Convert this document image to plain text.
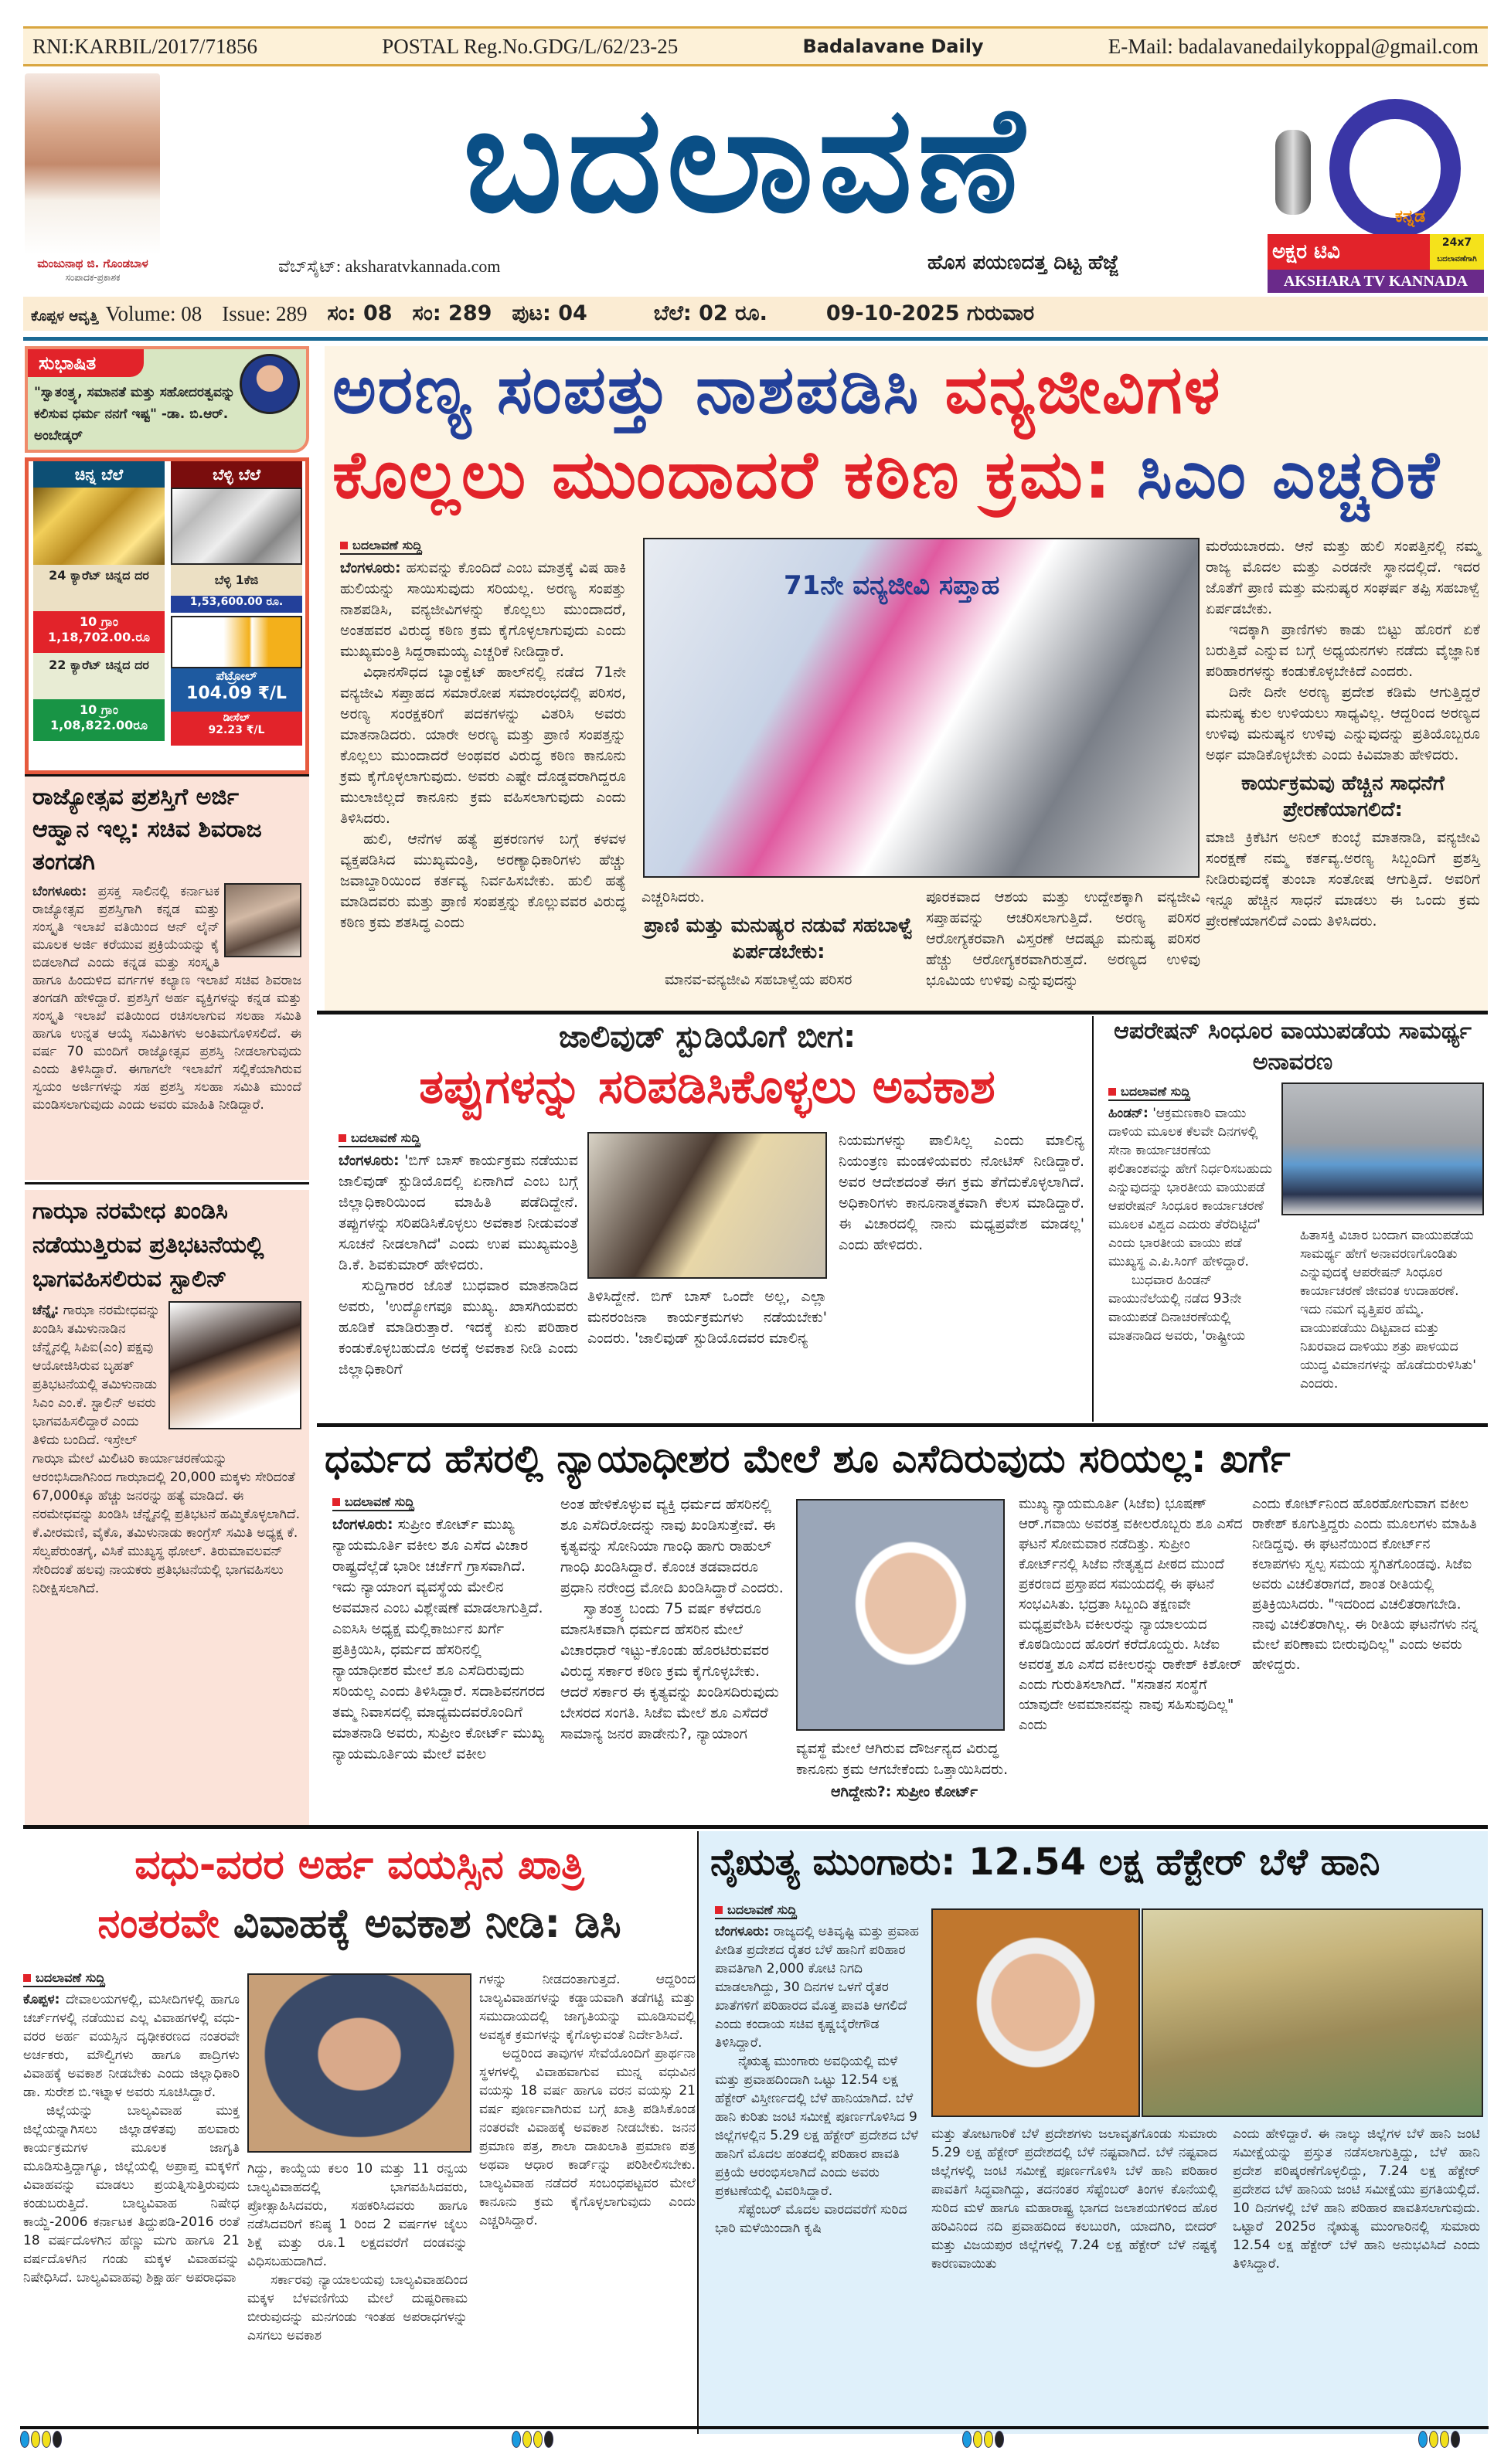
RNI:KARBIL/2017/71856	POSTAL Reg.No.GDG/L/62/23-25	Badalavane Daily	E-Mail: badalavanedailykoppal@gmail.com
ಮಂಜುನಾಥ ಜಿ. ಗೊಂಡಬಾಳ
ಸಂಪಾದಕ-ಪ್ರಕಾಶಕ
ಬದಲಾವಣೆ
ವೆಬ್‌ಸೈಟ್: aksharatvkannada.com	ಹೊಸ ಪಯಣದತ್ತ ದಿಟ್ಟ ಹೆಜ್ಜೆ
ಕನ್ನಡ
ಅಕ್ಷರ ಟಿವಿ	24x7
ಬದಲಾವಣೆಗಾಗಿ
AKSHARA TV KANNADA
ಕೊಪ್ಪಳ ಆವೃತ್ತಿ Volume: 08 Issue: 289 ಸಂ: 08 ಸಂ: 289 ಪುಟ: 04	ಬೆಲೆ: 02 ರೂ.	09-10-2025 ಗುರುವಾರ
ಸುಭಾಷಿತ
"ಸ್ವಾತಂತ್ರ್ಯ, ಸಮಾನತೆ ಮತ್ತು ಸಹೋದರತ್ವವನ್ನು ಕಲಿಸುವ ಧರ್ಮ ನನಗೆ ಇಷ್ಟ" -ಡಾ. ಬಿ.ಆರ್. ಅಂಬೇಡ್ಕರ್
ಚಿನ್ನ ಬೆಲೆ
24 ಕ್ಯಾರೆಟ್ ಚಿನ್ನದ ದರ
10 ಗ್ರಾಂ
1,18,702.00.ರೂ
22 ಕ್ಯಾರೆಟ್ ಚಿನ್ನದ ದರ
10 ಗ್ರಾಂ
1,08,822.00ರೂ
ಬೆಳ್ಳಿ ಬೆಲೆ
ಬೆಳ್ಳಿ 1ಕೆಜಿ
1,53,600.00 ರೂ.
ಪೆಟ್ರೋಲ್
104.09 ₹/L
ಡೀಸೆಲ್
92.23 ₹/L
ರಾಜ್ಯೋತ್ಸವ ಪ್ರಶಸ್ತಿಗೆ ಅರ್ಜಿ ಆಹ್ವಾನ ಇಲ್ಲ: ಸಚಿವ ಶಿವರಾಜ ತಂಗಡಗಿ
ಬೆಂಗಳೂರು: ಪ್ರಸಕ್ತ ಸಾಲಿನಲ್ಲಿ ಕರ್ನಾಟಕ ರಾಜ್ಯೋತ್ಸವ ಪ್ರಶಸ್ತಿಗಾಗಿ ಕನ್ನಡ ಮತ್ತು ಸಂಸ್ಕೃತಿ ಇಲಾಖೆ ವತಿಯಿಂದ ಆನ್ ಲೈನ್ ಮೂಲಕ ಅರ್ಜಿ ಕರೆಯುವ ಪ್ರಕ್ರಿಯೆಯನ್ನು ಕೈ ಬಿಡಲಾಗಿದೆ ಎಂದು ಕನ್ನಡ ಮತ್ತು ಸಂಸ್ಕೃತಿ ಹಾಗೂ ಹಿಂದುಳಿದ ವರ್ಗಗಳ ಕಲ್ಯಾಣ ಇಲಾಖೆ ಸಚಿವ ಶಿವರಾಜ ತಂಗಡಗಿ ಹೇಳಿದ್ದಾರೆ. ಪ್ರಶಸ್ತಿಗೆ ಅರ್ಹ ವ್ಯಕ್ತಿಗಳನ್ನು ಕನ್ನಡ ಮತ್ತು ಸಂಸ್ಕೃತಿ ಇಲಾಖೆ ವತಿಯಿಂದ ರಚಿಸಲಾಗುವ ಸಲಹಾ ಸಮಿತಿ ಹಾಗೂ ಉನ್ನತ ಆಯ್ಕೆ ಸಮಿತಿಗಳು ಅಂತಿಮಗೊಳಿಸಲಿದೆ. ಈ ವರ್ಷ 70 ಮಂದಿಗೆ ರಾಜ್ಯೋತ್ಸವ ಪ್ರಶಸ್ತಿ ನೀಡಲಾಗುವುದು ಎಂದು ತಿಳಿಸಿದ್ದಾರೆ. ಈಗಾಗಲೇ ಇಲಾಖೆಗೆ ಸಲ್ಲಿಕೆಯಾಗಿರುವ ಸ್ವಯಂ ಅರ್ಜಿಗಳನ್ನು ಸಹ ಪ್ರಶಸ್ತಿ ಸಲಹಾ ಸಮಿತಿ ಮುಂದೆ ಮಂಡಿಸಲಾಗುವುದು ಎಂದು ಅವರು ಮಾಹಿತಿ ನೀಡಿದ್ದಾರೆ.
ಗಾಝಾ ನರಮೇಧ ಖಂಡಿಸಿ ನಡೆಯುತ್ತಿರುವ ಪ್ರತಿಭಟನೆಯಲ್ಲಿ ಭಾಗವಹಿಸಲಿರುವ ಸ್ಟಾಲಿನ್
ಚೆನ್ನೈ: ಗಾಝಾ ನರಮೇಧವನ್ನು ಖಂಡಿಸಿ ತಮಿಳುನಾಡಿನ ಚೆನ್ನೈನಲ್ಲಿ ಸಿಪಿಐ(ಎಂ) ಪಕ್ಷವು ಆಯೋಜಿಸಿರುವ ಬೃಹತ್ ಪ್ರತಿಭಟನೆಯಲ್ಲಿ ತಮಿಳುನಾಡು ಸಿಎಂ ಎಂ.ಕೆ. ಸ್ಟಾಲಿನ್ ಅವರು ಭಾಗವಹಿಸಲಿದ್ದಾರೆ ಎಂದು ತಿಳಿದು ಬಂದಿದೆ. ಇಸ್ರೇಲ್ ಗಾಝಾ ಮೇಲೆ ಮಿಲಿಟರಿ ಕಾರ್ಯಾಚರಣೆಯನ್ನು ಆರಂಭಿಸಿದಾಗಿನಿಂದ ಗಾಝಾದಲ್ಲಿ 20,000 ಮಕ್ಕಳು ಸೇರಿದಂತೆ 67,000ಕ್ಕೂ ಹೆಚ್ಚು ಜನರನ್ನು ಹತ್ಯೆ ಮಾಡಿದೆ. ಈ ನರಮೇಧವನ್ನು ಖಂಡಿಸಿ ಚೆನ್ನೈನಲ್ಲಿ ಪ್ರತಿಭಟನೆ ಹಮ್ಮಿಕೊಳ್ಳಲಾಗಿದೆ. ಕೆ.ವೀರಮಣಿ, ವೈಕೊ, ತಮಿಳುನಾಡು ಕಾಂಗ್ರೆಸ್ ಸಮಿತಿ ಅಧ್ಯಕ್ಷ ಕೆ. ಸೆಲ್ವಪೆರುಂತಗೈ, ವಿಸಿಕೆ ಮುಖ್ಯಸ್ಥ ಥೋಲ್. ತಿರುಮಾವಲವನ್ ಸೇರಿದಂತೆ ಹಲವು ನಾಯಕರು ಪ್ರತಿಭಟನೆಯಲ್ಲಿ ಭಾಗವಹಿಸಲು ನಿರೀಕ್ಷಿಸಲಾಗಿದೆ.
ಅರಣ್ಯ ಸಂಪತ್ತು ನಾಶಪಡಿಸಿ ವನ್ಯಜೀವಿಗಳ
ಕೊಲ್ಲಲು ಮುಂದಾದರೆ ಕಠಿಣ ಕ್ರಮ: ಸಿಎಂ ಎಚ್ಚರಿಕೆ
ಬದಲಾವಣೆ ಸುದ್ದಿ

ಬೆಂಗಳೂರು: ಹಸುವನ್ನು ಕೊಂದಿದೆ ಎಂಬ ಮಾತ್ರಕ್ಕೆ ವಿಷ ಹಾಕಿ ಹುಲಿಯನ್ನು ಸಾಯಿಸುವುದು ಸರಿಯಲ್ಲ. ಅರಣ್ಯ ಸಂಪತ್ತು ನಾಶಪಡಿಸಿ, ವನ್ಯಜೀವಿಗಳನ್ನು ಕೊಲ್ಲಲು ಮುಂದಾದರೆ, ಅಂತಹವರ ವಿರುದ್ಧ ಕಠಿಣ ಕ್ರಮ ಕೈಗೊಳ್ಳಲಾಗುವುದು ಎಂದು ಮುಖ್ಯಮಂತ್ರಿ ಸಿದ್ದರಾಮಯ್ಯ ಎಚ್ಚರಿಕೆ ನೀಡಿದ್ದಾರೆ.

ವಿಧಾನಸೌಧದ ಬ್ಯಾಂಕ್ವೆಟ್ ಹಾಲ್‌ನಲ್ಲಿ ನಡೆದ 71ನೇ ವನ್ಯಜೀವಿ ಸಪ್ತಾಹದ ಸಮಾರೋಪ ಸಮಾರಂಭದಲ್ಲಿ ಪರಿಸರ, ಅರಣ್ಯ ಸಂರಕ್ಷಕರಿಗೆ ಪದಕಗಳನ್ನು ವಿತರಿಸಿ ಅವರು ಮಾತನಾಡಿದರು. ಯಾರೇ ಅರಣ್ಯ ಮತ್ತು ಪ್ರಾಣಿ ಸಂಪತ್ತನ್ನು ಕೊಲ್ಲಲು ಮುಂದಾದರೆ ಅಂಥವರ ವಿರುದ್ಧ ಕಠಿಣ ಕಾನೂನು ಕ್ರಮ ಕೈಗೊಳ್ಳಲಾಗುವುದು. ಅವರು ಎಷ್ಟೇ ದೊಡ್ಡವರಾಗಿದ್ದರೂ ಮುಲಾಜಿಲ್ಲದೆ ಕಾನೂನು ಕ್ರಮ ವಹಿಸಲಾಗುವುದು ಎಂದು ತಿಳಿಸಿದರು.

ಹುಲಿ, ಆನೆಗಳ ಹತ್ಯೆ ಪ್ರಕರಣಗಳ ಬಗ್ಗೆ ಕಳವಳ ವ್ಯಕ್ತಪಡಿಸಿದ ಮುಖ್ಯಮಂತ್ರಿ, ಅರಣ್ಯಾಧಿಕಾರಿಗಳು ಹೆಚ್ಚು ಜವಾಬ್ದಾರಿಯಿಂದ ಕರ್ತವ್ಯ ನಿರ್ವಹಿಸಬೇಕು. ಹುಲಿ ಹತ್ಯೆ ಮಾಡಿದವರು ಮತ್ತು ಪ್ರಾಣಿ ಸಂಪತ್ತನ್ನು ಕೊಲ್ಲುವವರ ವಿರುದ್ಧ ಕಠಿಣ ಕ್ರಮ ಶತಸಿದ್ಧ ಎಂದು

71ನೇ ವನ್ಯಜೀವಿ ಸಪ್ತಾಹ
ಎಚ್ಚರಿಸಿದರು.
ಪ್ರಾಣಿ ಮತ್ತು ಮನುಷ್ಯರ ನಡುವೆ ಸಹಬಾಳ್ವೆ ಏರ್ಪಡಬೇಕು:
ಮಾನವ-ವನ್ಯಜೀವಿ ಸಹಬಾಳ್ವೆಯ ಪರಿಸರ
ಪೂರಕವಾದ ಆಶಯ ಮತ್ತು ಉದ್ದೇಶಕ್ಕಾಗಿ ವನ್ಯಜೀವಿ ಸಪ್ತಾಹವನ್ನು ಆಚರಿಸಲಾಗುತ್ತಿದೆ. ಅರಣ್ಯ ಪರಿಸರ ಆರೋಗ್ಯಕರವಾಗಿ ವಿಸ್ತರಣೆ ಆದಷ್ಟೂ ಮನುಷ್ಯ ಪರಿಸರ ಹೆಚ್ಚು ಆರೋಗ್ಯಕರವಾಗಿರುತ್ತದೆ. ಅರಣ್ಯದ ಉಳಿವು ಭೂಮಿಯ ಉಳಿವು ಎನ್ನುವುದನ್ನು

ಮರೆಯಬಾರದು. ಆನೆ ಮತ್ತು ಹುಲಿ ಸಂಪತ್ತಿನಲ್ಲಿ ನಮ್ಮ ರಾಜ್ಯ ಮೊದಲ ಮತ್ತು ಎರಡನೇ ಸ್ಥಾನದಲ್ಲಿದೆ. ಇದರ ಜೊತೆಗೆ ಪ್ರಾಣಿ ಮತ್ತು ಮನುಷ್ಯರ ಸಂಘರ್ಷ ತಪ್ಪಿ ಸಹಬಾಳ್ವೆ ಏರ್ಪಡಬೇಕು.

ಇದಕ್ಕಾಗಿ ಪ್ರಾಣಿಗಳು ಕಾಡು ಬಿಟ್ಟು ಹೊರಗೆ ಏಕೆ ಬರುತ್ತಿವೆ ಎನ್ನುವ ಬಗ್ಗೆ ಅಧ್ಯಯನಗಳು ನಡೆದು ವೈಜ್ಞಾನಿಕ ಪರಿಹಾರಗಳನ್ನು ಕಂಡುಕೊಳ್ಳಬೇಕಿದೆ ಎಂದರು.

ದಿನೇ ದಿನೇ ಅರಣ್ಯ ಪ್ರದೇಶ ಕಡಿಮೆ ಆಗುತ್ತಿದ್ದರೆ ಮನುಷ್ಯ ಕುಲ ಉಳಿಯಲು ಸಾಧ್ಯವಿಲ್ಲ. ಆದ್ದರಿಂದ ಅರಣ್ಯದ ಉಳಿವು ಮನುಷ್ಯನ ಉಳಿವು ಎನ್ನುವುದನ್ನು ಪ್ರತಿಯೊಬ್ಬರೂ ಅರ್ಥ ಮಾಡಿಕೊಳ್ಳಬೇಕು ಎಂದು ಕಿವಿಮಾತು ಹೇಳಿದರು.

ಕಾರ್ಯಕ್ರಮವು ಹೆಚ್ಚಿನ ಸಾಧನೆಗೆ ಪ್ರೇರಣೆಯಾಗಲಿದೆ:
ಮಾಜಿ ಕ್ರಿಕೆಟಿಗ ಅನಿಲ್ ಕುಂಬ್ಳೆ ಮಾತನಾಡಿ, ವನ್ಯಜೀವಿ ಸಂರಕ್ಷಣೆ ನಮ್ಮ ಕರ್ತವ್ಯ.ಅರಣ್ಯ ಸಿಬ್ಬಂದಿಗೆ ಪ್ರಶಸ್ತಿ ನೀಡಿರುವುದಕ್ಕೆ ತುಂಬಾ ಸಂತೋಷ ಆಗುತ್ತಿದೆ. ಅವರಿಗೆ ಇನ್ನೂ ಹೆಚ್ಚಿನ ಸಾಧನೆ ಮಾಡಲು ಈ ಒಂದು ಕ್ರಮ ಪ್ರೇರಣೆಯಾಗಲಿದೆ ಎಂದು ತಿಳಿಸಿದರು.
ಜಾಲಿವುಡ್ ಸ್ಟುಡಿಯೊಗೆ ಬೀಗ:
ತಪ್ಪುಗಳನ್ನು ಸರಿಪಡಿಸಿಕೊಳ್ಳಲು ಅವಕಾಶ
ಬದಲಾವಣೆ ಸುದ್ದಿ

ಬೆಂಗಳೂರು: 'ಬಿಗ್ ಬಾಸ್ ಕಾರ್ಯಕ್ರಮ ನಡೆಯುವ ಜಾಲಿವುಡ್ ಸ್ಟುಡಿಯೊದಲ್ಲಿ ಏನಾಗಿದೆ ಎಂಬ ಬಗ್ಗೆ ಜಿಲ್ಲಾಧಿಕಾರಿಯಿಂದ ಮಾಹಿತಿ ಪಡೆದಿದ್ದೇನೆ. ತಪ್ಪುಗಳನ್ನು ಸರಿಪಡಿಸಿಕೊಳ್ಳಲು ಅವಕಾಶ ನೀಡುವಂತೆ ಸೂಚನೆ ನೀಡಲಾಗಿದೆ' ಎಂದು ಉಪ ಮುಖ್ಯಮಂತ್ರಿ ಡಿ.ಕೆ. ಶಿವಕುಮಾರ್ ಹೇಳಿದರು.

ಸುದ್ದಿಗಾರರ ಜೊತೆ ಬುಧವಾರ ಮಾತನಾಡಿದ ಅವರು, 'ಉದ್ಯೋಗವೂ ಮುಖ್ಯ. ಖಾಸಗಿಯವರು ಹೂಡಿಕೆ ಮಾಡಿರುತ್ತಾರೆ. ಇದಕ್ಕೆ ಏನು ಪರಿಹಾರ ಕಂಡುಕೊಳ್ಳಬಹುದೊ ಅದಕ್ಕೆ ಅವಕಾಶ ನೀಡಿ ಎಂದು ಜಿಲ್ಲಾಧಿಕಾರಿಗೆ

ತಿಳಿಸಿದ್ದೇನೆ. ಬಿಗ್ ಬಾಸ್ ಒಂದೇ ಅಲ್ಲ, ಎಲ್ಲಾ ಮನರಂಜನಾ ಕಾರ್ಯಕ್ರಮಗಳು ನಡೆಯಬೇಕು' ಎಂದರು. 'ಜಾಲಿವುಡ್ ಸ್ಟುಡಿಯೊದವರ ಮಾಲಿನ್ಯ
ನಿಯಮಗಳನ್ನು ಪಾಲಿಸಿಲ್ಲ ಎಂದು ಮಾಲಿನ್ಯ ನಿಯಂತ್ರಣ ಮಂಡಳಿಯವರು ನೋಟಿಸ್ ನೀಡಿದ್ದಾರೆ. ಅವರ ಆದೇಶದಂತೆ ಈಗ ಕ್ರಮ ತೆಗೆದುಕೊಳ್ಳಲಾಗಿದೆ. ಅಧಿಕಾರಿಗಳು ಕಾನೂನಾತ್ಮಕವಾಗಿ ಕೆಲಸ ಮಾಡಿದ್ದಾರೆ. ಈ ವಿಚಾರದಲ್ಲಿ ನಾನು ಮಧ್ಯಪ್ರವೇಶ ಮಾಡಲ್ಲ' ಎಂದು ಹೇಳಿದರು.
ಆಪರೇಷನ್ ಸಿಂಧೂರ ವಾಯುಪಡೆಯ ಸಾಮರ್ಥ್ಯ ಅನಾವರಣ
ಬದಲಾವಣೆ ಸುದ್ದಿ

ಹಿಂಡನ್: 'ಆಕ್ರಮಣಕಾರಿ ವಾಯು ದಾಳಿಯ ಮೂಲಕ ಕೆಲವೇ ದಿನಗಳಲ್ಲಿ ಸೇನಾ ಕಾರ್ಯಾಚರಣೆಯ ಫಲಿತಾಂಶವನ್ನು ಹೇಗೆ ನಿರ್ಧರಿಸಬಹುದು ಎನ್ನುವುದನ್ನು ಭಾರತೀಯ ವಾಯುಪಡೆ ಆಪರೇಷನ್ ಸಿಂಧೂರ ಕಾರ್ಯಾಚರಣೆ ಮೂಲಕ ವಿಶ್ವದ ಎದುರು ತೆರೆದಿಟ್ಟಿದೆ' ಎಂದು ಭಾರತೀಯ ವಾಯು ಪಡೆ ಮುಖ್ಯಸ್ಥ ಎ.ಪಿ.ಸಿಂಗ್ ಹೇಳಿದ್ದಾರೆ.

ಬುಧವಾರ ಹಿಂಡನ್ ವಾಯುನೆಲೆಯಲ್ಲಿ ನಡೆದ 93ನೇ ವಾಯುಪಡೆ ದಿನಾಚರಣೆಯಲ್ಲಿ ಮಾತನಾಡಿದ ಅವರು, 'ರಾಷ್ಟ್ರೀಯ

ಹಿತಾಸಕ್ತಿ ವಿಚಾರ ಬಂದಾಗ ವಾಯುಪಡೆಯ ಸಾಮರ್ಥ್ಯ ಹೇಗೆ ಅನಾವರಣಗೊಂಡಿತು ಎನ್ನುವುದಕ್ಕೆ ಆಪರೇಷನ್ ಸಿಂಧೂರ ಕಾರ್ಯಾಚರಣೆ ಜೀವಂತ ಉದಾಹರಣೆ. ಇದು ನಮಗೆ ವೃತ್ತಿಪರ ಹೆಮ್ಮೆ. ವಾಯುಪಡೆಯು ದಿಟ್ಟವಾದ ಮತ್ತು ನಿಖರವಾದ ದಾಳಿಯು ಶತ್ರು ಪಾಳಯದ ಯುದ್ಧ ವಿಮಾನಗಳನ್ನು ಹೊಡೆದುರುಳಿಸಿತು' ಎಂದರು.
ಧರ್ಮದ ಹೆಸರಲ್ಲಿ ನ್ಯಾಯಾಧೀಶರ ಮೇಲೆ ಶೂ ಎಸೆದಿರುವುದು ಸರಿಯಲ್ಲ: ಖರ್ಗೆ
ಬದಲಾವಣೆ ಸುದ್ದಿ
ಬೆಂಗಳೂರು: ಸುಪ್ರೀಂ ಕೋರ್ಟ್ ಮುಖ್ಯ ನ್ಯಾಯಮೂರ್ತಿ ವಕೀಲ ಶೂ ಎಸೆದ ವಿಚಾರ ರಾಷ್ಟ್ರದೆಲ್ಲೆಡೆ ಭಾರೀ ಚರ್ಚೆಗೆ ಗ್ರಾಸವಾಗಿದೆ. ಇದು ನ್ಯಾಯಾಂಗ ವ್ಯವಸ್ಥೆಯ ಮೇಲಿನ ಅವಮಾನ ಎಂಬ ವಿಶ್ಲೇಷಣೆ ಮಾಡಲಾಗುತ್ತಿದೆ. ಎಐಸಿಸಿ ಅಧ್ಯಕ್ಷ ಮಲ್ಲಿಕಾರ್ಜುನ ಖರ್ಗೆ ಪ್ರತಿಕ್ರಿಯಿಸಿ, ಧರ್ಮದ ಹೆಸರಿನಲ್ಲಿ ನ್ಯಾಯಾಧೀಶರ ಮೇಲೆ ಶೂ ಎಸೆದಿರುವುದು ಸರಿಯಲ್ಲ ಎಂದು ತಿಳಿಸಿದ್ದಾರೆ. ಸದಾಶಿವನಗರದ ತಮ್ಮ ನಿವಾಸದಲ್ಲಿ ಮಾಧ್ಯಮದವರೊಂದಿಗೆ ಮಾತನಾಡಿ ಅವರು, ಸುಪ್ರೀಂ ಕೋರ್ಟ್ ಮುಖ್ಯ ನ್ಯಾಯಮೂರ್ತಿಯ ಮೇಲೆ ವಕೀಲ

ಅಂತ ಹೇಳಿಕೊಳ್ಳುವ ವ್ಯಕ್ತಿ ಧರ್ಮದ ಹೆಸರಿನಲ್ಲಿ ಶೂ ಎಸೆದಿರೋದನ್ನು ನಾವು ಖಂಡಿಸುತ್ತೇವೆ. ಈ ಕೃತ್ಯವನ್ನು ಸೋನಿಯಾ ಗಾಂಧಿ ಹಾಗು ರಾಹುಲ್ ಗಾಂಧಿ ಖಂಡಿಸಿದ್ದಾರೆ. ಕೊಂಚ ತಡವಾದರೂ ಪ್ರಧಾನಿ ನರೇಂದ್ರ ಮೋದಿ ಖಂಡಿಸಿದ್ದಾರೆ ಎಂದರು.

ಸ್ವಾತಂತ್ರ್ಯ ಬಂದು 75 ವರ್ಷ ಕಳೆದರೂ ಮಾನಸಿಕವಾಗಿ ಧರ್ಮದ ಹೆಸರಿನ ಮೇಲೆ ವಿಚಾರಧಾರೆ ಇಟ್ಟು-ಕೊಂಡು ಹೊರಟಿರುವವರ ವಿರುದ್ಧ ಸರ್ಕಾರ ಕಠಿಣ ಕ್ರಮ ಕೈಗೊಳ್ಳಬೇಕು. ಆದರೆ ಸರ್ಕಾರ ಈ ಕೃತ್ಯವನ್ನು ಖಂಡಿಸದಿರುವುದು ಬೇಸರದ ಸಂಗತಿ. ಸಿಜೆಐ ಮೇಲೆ ಶೂ ಎಸೆದರೆ ಸಾಮಾನ್ಯ ಜನರ ಪಾಡೇನು?, ನ್ಯಾಯಾಂಗ

ವ್ಯವಸ್ಥೆ ಮೇಲೆ ಆಗಿರುವ ದೌರ್ಜನ್ಯದ ವಿರುದ್ಧ ಕಾನೂನು ಕ್ರಮ ಆಗಬೇಕೆಂದು ಒತ್ತಾಯಿಸಿದರು.
ಆಗಿದ್ದೇನು?: ಸುಪ್ರೀಂ ಕೋರ್ಟ್
ಮುಖ್ಯ ನ್ಯಾಯಮೂರ್ತಿ (ಸಿಜೆಐ) ಭೂಷಣ್ ಆರ್.ಗವಾಯಿ ಅವರತ್ತ ವಕೀಲರೊಬ್ಬರು ಶೂ ಎಸೆದ ಘಟನೆ ಸೋಮವಾರ ನಡೆದಿತ್ತು. ಸುಪ್ರೀಂ ಕೋರ್ಟ್‌ನಲ್ಲಿ ಸಿಜೆಐ ನೇತೃತ್ವದ ಪೀಠದ ಮುಂದೆ ಪ್ರಕರಣದ ಪ್ರಸ್ತಾಪದ ಸಮಯದಲ್ಲಿ ಈ ಘಟನೆ ಸಂಭವಿಸಿತು. ಭದ್ರತಾ ಸಿಬ್ಬಂದಿ ತಕ್ಷಣವೇ ಮಧ್ಯಪ್ರವೇಶಿಸಿ ವಕೀಲರನ್ನು ನ್ಯಾಯಾಲಯದ ಕೊಠಡಿಯಿಂದ ಹೊರಗೆ ಕರೆದೊಯ್ದರು. ಸಿಜೆಐ ಅವರತ್ತ ಶೂ ಎಸೆದ ವಕೀಲರನ್ನು ರಾಕೇಶ್ ಕಿಶೋರ್ ಎಂದು ಗುರುತಿಸಲಾಗಿದೆ. "ಸನಾತನ ಸಂಸ್ಥೆಗೆ ಯಾವುದೇ ಅವಮಾನವನ್ನು ನಾವು ಸಹಿಸುವುದಿಲ್ಲ" ಎಂದು
ಎಂದು ಕೋರ್ಟ್‌ನಿಂದ ಹೊರಹೋಗುವಾಗ ವಕೀಲ ರಾಕೇಶ್ ಕೂಗುತ್ತಿದ್ದರು ಎಂದು ಮೂಲಗಳು ಮಾಹಿತಿ ನೀಡಿದ್ದವು. ಈ ಘಟನೆಯಿಂದ ಕೋರ್ಟ್‌ನ ಕಲಾಪಗಳು ಸ್ವಲ್ಪ ಸಮಯ ಸ್ಥಗಿತಗೊಂಡವು. ಸಿಜೆಐ ಅವರು ವಿಚಲಿತರಾಗದೆ, ಶಾಂತ ರೀತಿಯಲ್ಲಿ ಪ್ರತಿಕ್ರಿಯಿಸಿದರು. "ಇದರಿಂದ ವಿಚಲಿತರಾಗಬೇಡಿ. ನಾವು ವಿಚಲಿತರಾಗಿಲ್ಲ. ಈ ರೀತಿಯ ಘಟನೆಗಳು ನನ್ನ ಮೇಲೆ ಪರಿಣಾಮ ಬೀರುವುದಿಲ್ಲ" ಎಂದು ಅವರು ಹೇಳಿದ್ದರು.
ವಧು-ವರರ ಅರ್ಹ ವಯಸ್ಸಿನ ಖಾತ್ರಿ
ನಂತರವೇ ವಿವಾಹಕ್ಕೆ ಅವಕಾಶ ನೀಡಿ: ಡಿಸಿ
ಬದಲಾವಣೆ ಸುದ್ದಿ

ಕೊಪ್ಪಳ: ದೇವಾಲಯಗಳಲ್ಲಿ, ಮಸೀದಿಗಳಲ್ಲಿ ಹಾಗೂ ಚರ್ಚ್‌ಗಳಲ್ಲಿ ನಡೆಯುವ ಎಲ್ಲ ವಿವಾಹಗಳಲ್ಲಿ ವಧು-ವರರ ಅರ್ಹ ವಯಸ್ಸಿನ ದೃಢೀಕರಣದ ನಂತರವೇ ಅರ್ಚಕರು, ಮೌಲ್ವಿಗಳು ಹಾಗೂ ಪಾದ್ರಿಗಳು ವಿವಾಹಕ್ಕೆ ಅವಕಾಶ ನೀಡಬೇಕು ಎಂದು ಜಿಲ್ಲಾಧಿಕಾರಿ ಡಾ. ಸುರೇಶ ಬಿ.ಇಟ್ನಾಳ ಅವರು ಸೂಚಿಸಿದ್ದಾರೆ.

ಜಿಲ್ಲೆಯನ್ನು ಬಾಲ್ಯವಿವಾಹ ಮುಕ್ತ ಜಿಲ್ಲೆಯನ್ನಾಗಿಸಲು ಜಿಲ್ಲಾಡಳಿತವು ಹಲವಾರು ಕಾರ್ಯಕ್ರಮಗಳ ಮೂಲಕ ಜಾಗೃತಿ ಮೂಡಿಸುತ್ತಿದ್ದಾಗ್ಯೂ, ಜಿಲ್ಲೆಯಲ್ಲಿ ಅಪ್ರಾಪ್ತ ಮಕ್ಕಳಿಗೆ ವಿವಾಹವನ್ನು ಮಾಡಲು ಪ್ರಯತ್ನಿಸುತ್ತಿರುವುದು ಕಂಡುಬರುತ್ತಿದೆ. ಬಾಲ್ಯವಿವಾಹ ನಿಷೇಧ ಕಾಯ್ದೆ-2006 ಕರ್ನಾಟಕ ತಿದ್ದುಪಡಿ-2016 ರಂತೆ 18 ವರ್ಷದೊಳಗಿನ ಹೆಣ್ಣು ಮಗು ಹಾಗೂ 21 ವರ್ಷದೊಳಗಿನ ಗಂಡು ಮಕ್ಕಳ ವಿವಾಹವನ್ನು ನಿಷೇಧಿಸಿದೆ. ಬಾಲ್ಯವಿವಾಹವು ಶಿಕ್ಷಾರ್ಹ ಅಪರಾಧವಾ

ಗಿದ್ದು, ಕಾಯ್ದೆಯ ಕಲಂ 10 ಮತ್ತು 11 ರನ್ವಯ ಬಾಲ್ಯವಿವಾಹದಲ್ಲಿ ಭಾಗವಹಿಸಿದವರು, ಪ್ರೋತ್ಸಾಹಿಸಿದವರು, ಸಹಕರಿಸಿದವರು ಹಾಗೂ ನಡೆಸಿದವರಿಗೆ ಕನಿಷ್ಠ 1 ರಿಂದ 2 ವರ್ಷಗಳ ಜೈಲು ಶಿಕ್ಷೆ ಮತ್ತು ರೂ.1 ಲಕ್ಷದವರೆಗೆ ದಂಡವನ್ನು ವಿಧಿಸಬಹುದಾಗಿದೆ.

ಸರ್ಕಾರವು ನ್ಯಾಯಾಲಯವು ಬಾಲ್ಯವಿವಾಹದಿಂದ ಮಕ್ಕಳ ಬೆಳವಣಿಗೆಯ ಮೇಲೆ ದುಷ್ಪರಿಣಾಮ ಬೀರುವುದನ್ನು ಮನಗಂಡು ಇಂತಹ ಅಪರಾಧಗಳನ್ನು ಎಸಗಲು ಅವಕಾಶ

ಗಳನ್ನು ನೀಡದಂತಾಗುತ್ತದೆ. ಆದ್ದರಿಂದ ಬಾಲ್ಯವಿವಾಹಗಳನ್ನು ಕಡ್ಡಾಯವಾಗಿ ತಡೆಗಟ್ಟಿ ಮತ್ತು ಸಮುದಾಯದಲ್ಲಿ ಜಾಗೃತಿಯನ್ನು ಮೂಡಿಸುವಲ್ಲಿ ಅವಶ್ಯಕ ಕ್ರಮಗಳನ್ನು ಕೈಗೊಳ್ಳುವಂತೆ ನಿರ್ದೇಶಿಸಿದೆ.

ಅದ್ದರಿಂದ ತಾವುಗಳ ಸೇವೆಯೊಂದಿಗೆ ಪ್ರಾರ್ಥನಾ ಸ್ಥಳಗಳಲ್ಲಿ ವಿವಾಹವಾಗುವ ಮುನ್ನ ವಧುವಿನ ವಯಸ್ಸು 18 ವರ್ಷ ಹಾಗೂ ವರನ ವಯಸ್ಸು 21 ವರ್ಷ ಪೂರ್ಣವಾಗಿರುವ ಬಗ್ಗೆ ಖಾತ್ರಿ ಪಡಿಸಿಕೊಂಡ ನಂತರವೇ ವಿವಾಹಕ್ಕೆ ಅವಕಾಶ ನೀಡಬೇಕು. ಜನನ ಪ್ರಮಾಣ ಪತ್ರ, ಶಾಲಾ ದಾಖಲಾತಿ ಪ್ರಮಾಣ ಪತ್ರ ಅಥವಾ ಆಧಾರ ಕಾರ್ಡ್‌ನ್ನು ಪರಿಶೀಲಿಸಬೇಕು. ಬಾಲ್ಯವಿವಾಹ ನಡೆದರೆ ಸಂಬಂಧಪಟ್ಟವರ ಮೇಲೆ ಕಾನೂನು ಕ್ರಮ ಕೈಗೊಳ್ಳಲಾಗುವುದು ಎಂದು ಎಚ್ಚರಿಸಿದ್ದಾರೆ.

ನೈಋತ್ಯ ಮುಂಗಾರು: 12.54 ಲಕ್ಷ ಹೆಕ್ಟೇರ್ ಬೆಳೆ ಹಾನಿ
ಬದಲಾವಣೆ ಸುದ್ದಿ

ಬೆಂಗಳೂರು: ರಾಜ್ಯದಲ್ಲಿ ಅತಿವೃಷ್ಟಿ ಮತ್ತು ಪ್ರವಾಹ ಪೀಡಿತ ಪ್ರದೇಶದ ರೈತರ ಬೆಳೆ ಹಾನಿಗೆ ಪರಿಹಾರ ಪಾವತಿಗಾಗಿ 2,000 ಕೋಟಿ ನಿಗದಿ ಮಾಡಲಾಗಿದ್ದು, 30 ದಿನಗಳ ಒಳಗೆ ರೈತರ ಖಾತೆಗಳಿಗೆ ಪರಿಹಾರದ ಮೊತ್ತ ಪಾವತಿ ಆಗಲಿದೆ ಎಂದು ಕಂದಾಯ ಸಚಿವ ಕೃಷ್ಣಬೈರೇಗೌಡ ತಿಳಿಸಿದ್ದಾರೆ.

ನೈಋತ್ಯ ಮುಂಗಾರು ಅವಧಿಯಲ್ಲಿ ಮಳೆ ಮತ್ತು ಪ್ರವಾಹದಿಂದಾಗಿ ಒಟ್ಟು 12.54 ಲಕ್ಷ ಹೆಕ್ಟೇರ್ ವಿಸ್ತೀರ್ಣದಲ್ಲಿ ಬೆಳೆ ಹಾನಿಯಾಗಿದೆ. ಬೆಳೆ ಹಾನಿ ಕುರಿತು ಜಂಟಿ ಸಮೀಕ್ಷೆ ಪೂರ್ಣಗೊಳಿಸಿದ 9 ಜಿಲ್ಲೆಗಳಲ್ಲಿನ 5.29 ಲಕ್ಷ ಹೆಕ್ಟೇರ್ ಪ್ರದೇಶದ ಬೆಳೆ ಹಾನಿಗೆ ಮೊದಲ ಹಂತದಲ್ಲಿ ಪರಿಹಾರ ಪಾವತಿ ಪ್ರಕ್ರಿಯೆ ಆರಂಭಿಸಲಾಗಿದೆ ಎಂದು ಅವರು ಪ್ರಕಟಣೆಯಲ್ಲಿ ವಿವರಿಸಿದ್ದಾರೆ.

ಸೆಪ್ಟೆಂಬರ್ ಮೊದಲ ವಾರದವರೆಗೆ ಸುರಿದ ಭಾರಿ ಮಳೆಯಿಂದಾಗಿ ಕೃಷಿ

ಮತ್ತು ತೋಟಗಾರಿಕೆ ಬೆಳೆ ಪ್ರದೇಶಗಳು ಜಲಾವೃತಗೊಂಡು ಸುಮಾರು 5.29 ಲಕ್ಷ ಹೆಕ್ಟೇರ್ ಪ್ರದೇಶದಲ್ಲಿ ಬೆಳೆ ನಷ್ಟವಾಗಿದೆ. ಬೆಳೆ ನಷ್ಟವಾದ ಜಿಲ್ಲೆಗಳಲ್ಲಿ ಜಂಟಿ ಸಮೀಕ್ಷೆ ಪೂರ್ಣಗೊಳಿಸಿ ಬೆಳೆ ಹಾನಿ ಪರಿಹಾರ ಪಾವತಿಗೆ ಸಿದ್ಧವಾಗಿದ್ದು, ತದನಂತರ ಸೆಪ್ಟೆಂಬರ್ ತಿಂಗಳ ಕೊನೆಯಲ್ಲಿ ಸುರಿದ ಮಳೆ ಹಾಗೂ ಮಹಾರಾಷ್ಟ್ರ ಭಾಗದ ಜಲಾಶಯಗಳಿಂದ ಹೊರ ಹರಿವಿನಿಂದ ನದಿ ಪ್ರವಾಹದಿಂದ ಕಲಬುರಗಿ, ಯಾದಗಿರಿ, ಬೀದರ್ ಮತ್ತು ವಿಜಯಪುರ ಜಿಲ್ಲೆಗಳಲ್ಲಿ 7.24 ಲಕ್ಷ ಹೆಕ್ಟೇರ್ ಬೆಳೆ ನಷ್ಟಕ್ಕೆ ಕಾರಣವಾಯಿತು
ಎಂದು ಹೇಳಿದ್ದಾರೆ. ಈ ನಾಲ್ಕು ಜಿಲ್ಲೆಗಳ ಬೆಳೆ ಹಾನಿ ಜಂಟಿ ಸಮೀಕ್ಷೆಯನ್ನು ಪ್ರಸ್ತುತ ನಡೆಸಲಾಗುತ್ತಿದ್ದು, ಬೆಳೆ ಹಾನಿ ಪ್ರದೇಶ ಪರಿಷ್ಕರಣೆಗೊಳ್ಳಲಿದ್ದು, 7.24 ಲಕ್ಷ ಹೆಕ್ಟೇರ್ ಪ್ರದೇಶದ ಬೆಳೆ ಹಾನಿಯ ಜಂಟಿ ಸಮೀಕ್ಷೆಯು ಪ್ರಗತಿಯಲ್ಲಿದೆ. 10 ದಿನಗಳಲ್ಲಿ ಬೆಳೆ ಹಾನಿ ಪರಿಹಾರ ಪಾವತಿಸಲಾಗುವುದು. ಒಟ್ಟಾರೆ 2025ರ ನೈಋತ್ಯ ಮುಂಗಾರಿನಲ್ಲಿ ಸುಮಾರು 12.54 ಲಕ್ಷ ಹೆಕ್ಟೇರ್ ಬೆಳೆ ಹಾನಿ ಅನುಭವಿಸಿದೆ ಎಂದು ತಿಳಿಸಿದ್ದಾರೆ.
